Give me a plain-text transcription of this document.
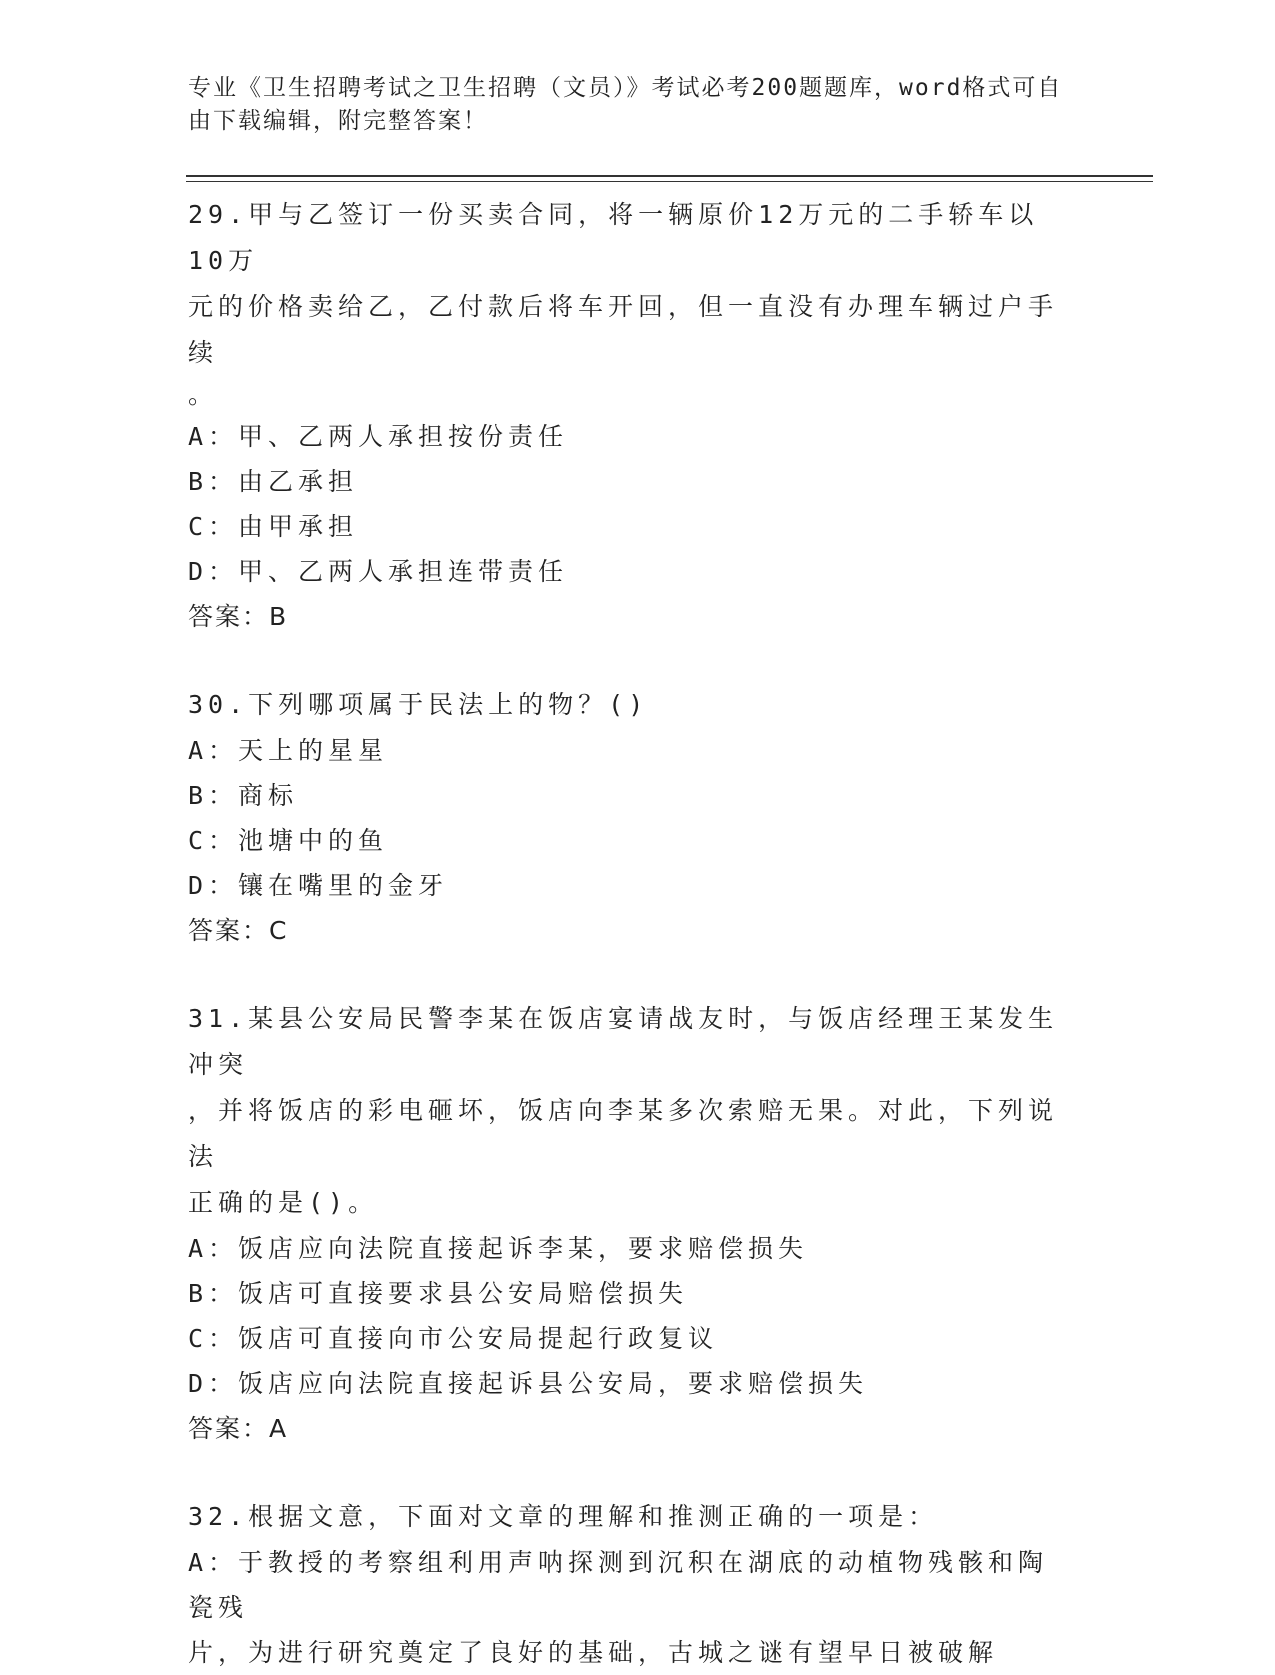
专业《卫生招聘考试之卫生招聘（文员）》考试必考200题题库，word格式可自
由下载编辑，附完整答案！
29.甲与乙签订一份买卖合同，将一辆原价12万元的二手轿车以10万
元的价格卖给乙，乙付款后将车开回，但一直没有办理车辆过户手续
。
A：甲、乙两人承担按份责任
B：由乙承担
C：由甲承担
D：甲、乙两人承担连带责任
答案：B
30.下列哪项属于民法上的物？()
A：天上的星星
B：商标
C：池塘中的鱼
D：镶在嘴里的金牙
答案：C
31.某县公安局民警李某在饭店宴请战友时，与饭店经理王某发生冲突
，并将饭店的彩电砸坏，饭店向李某多次索赔无果。对此，下列说法
正确的是()。
A：饭店应向法院直接起诉李某，要求赔偿损失
B：饭店可直接要求县公安局赔偿损失
C：饭店可直接向市公安局提起行政复议
D：饭店应向法院直接起诉县公安局，要求赔偿损失
答案：A
32.根据文意，下面对文章的理解和推测正确的一项是：
A：于教授的考察组利用声呐探测到沉积在湖底的动植物残骸和陶瓷残
片，为进行研究奠定了良好的基础，古城之谜有望早日被破解
